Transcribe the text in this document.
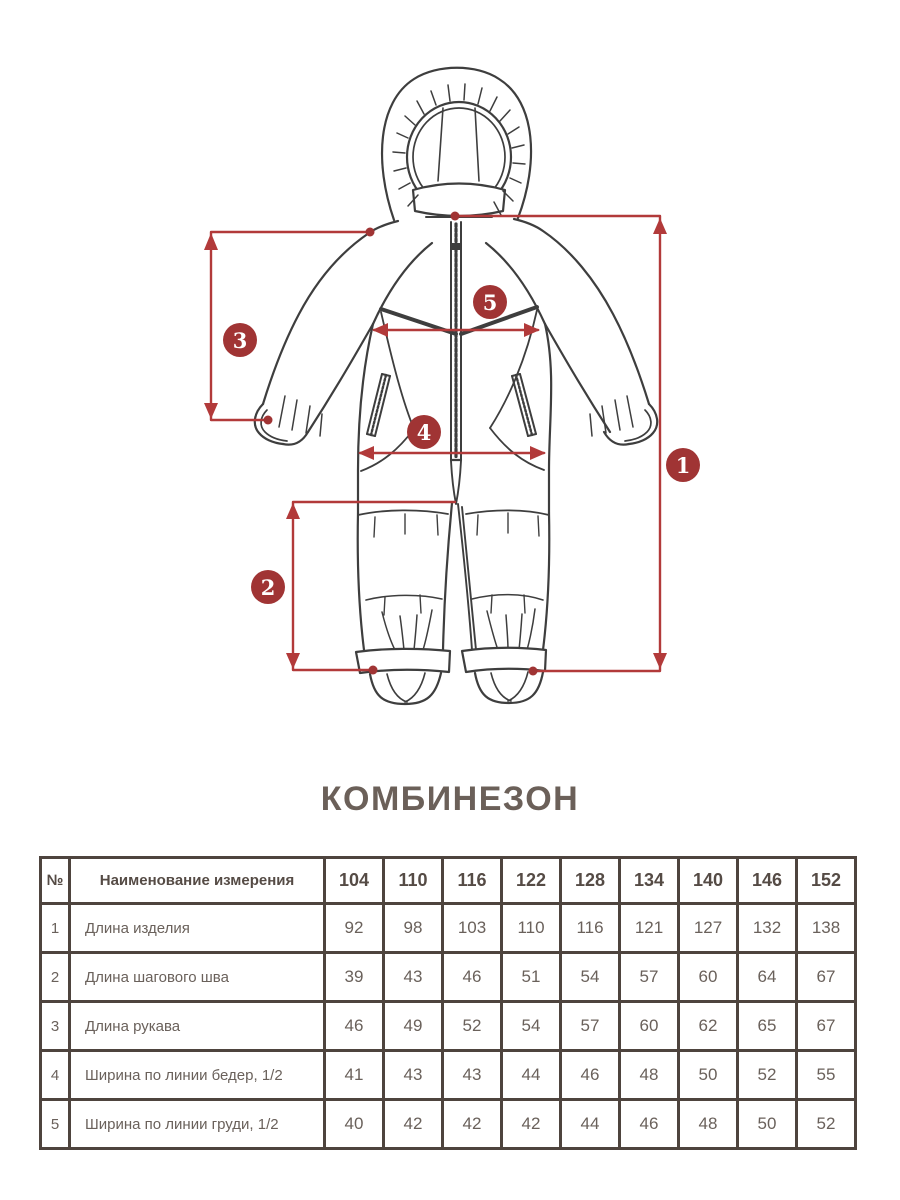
1
2
3
4
5
КОМБИНЕЗОН
№	Наименование измерения	104	110	116	122	128	134	140	146	152
1	Длина изделия	92	98	103	110	116	121	127	132	138
2	Длина шагового шва	39	43	46	51	54	57	60	64	67
3	Длина рукава	46	49	52	54	57	60	62	65	67
4	Ширина по линии бедер, 1/2	41	43	43	44	46	48	50	52	55
5	Ширина по линии груди, 1/2	40	42	42	42	44	46	48	50	52
